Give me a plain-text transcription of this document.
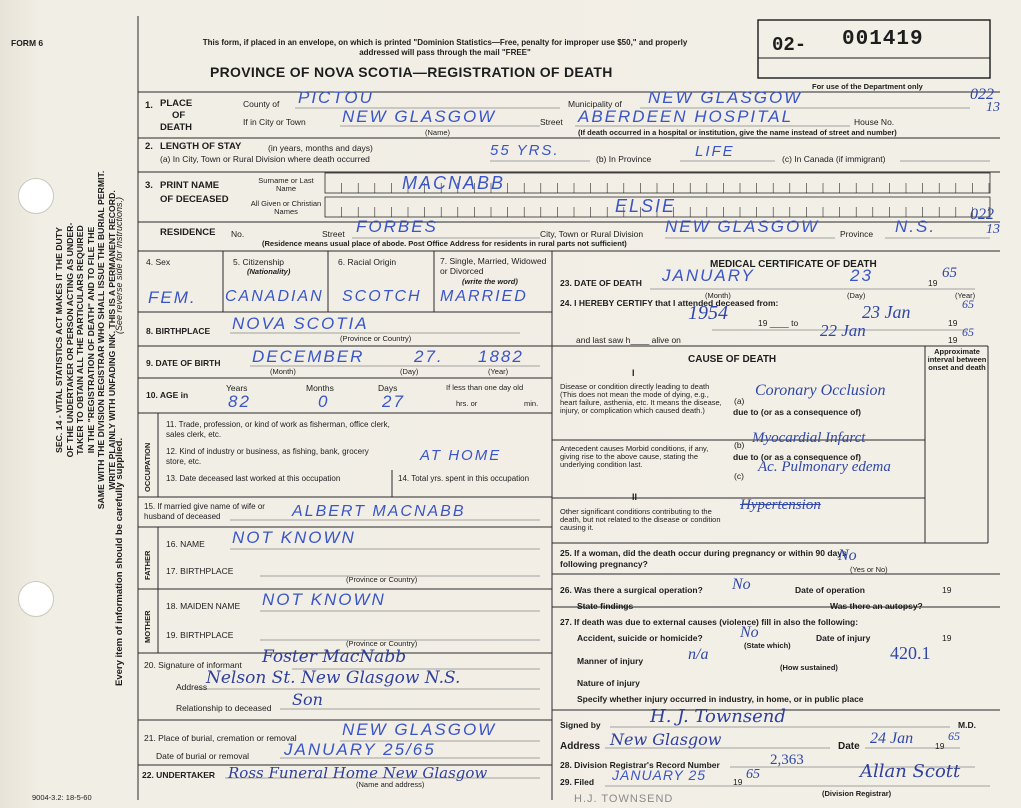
FORM 6
SEC. 14 - VITAL STATISTICS ACT MAKES IT THE DUTY OF THE UNDERTAKER OR PERSON ACTING AS UNDER- TAKER TO OBTAIN ALL THE PARTICULARS REQUIRED IN THE "REGISTRATION OF DEATH" AND TO FILE THE SAME WITH THE DIVISION REGISTRAR WHO SHALL ISSUE THE BURIAL PERMIT. WRITE PLAINLY WITH UNFADING INK. THIS IS A PERMANENT RECORD.
Every item of information should be carefully supplied.
(See reverse side for instructions.)
This form, if placed in an envelope, on which is printed "Dominion Statistics—Free, penalty for improper use $50," and properly addressed will pass through the mail "FREE"	02- 001419
For use of the Department only
PROVINCE OF NOVA SCOTIA—REGISTRATION OF DEATH
1. PLACE
OF
DEATH
County of PICTOU	Municipality of NEW GLASGOW
If in City or Town NEW GLASGOW	Street ABERDEEN HOSPITAL	House No.
(Name)	(If death occurred in a hospital or institution, give the name instead of street and number)
022
13
2. LENGTH OF STAY	(in years, months and days)
(a) In City, Town or Rural Division where death occurred	55 YRS.	(b) In Province	LIFE	(c) In Canada (if immigrant)
3. PRINT NAME
OF DECEASED
Surname or Last Name	MACNABB
All Given or Christian Names	ELSIE
RESIDENCE No.	Street FORBES	City, Town or Rural Division NEW GLASGOW Province N.S.
(Residence means usual place of abode. Post Office Address for residents in rural parts not sufficient)
022
13
4. Sex	5. Citizenship
(Nationality)
6. Racial Origin	7. Single, Married, Widowed or Divorced
(write the word)
FEM. CANADIAN SCOTCH MARRIED
8. BIRTHPLACE NOVA SCOTIA
(Province or Country)
9. DATE OF BIRTH DECEMBER	27. 1882
(Month)	(Day)	(Year)
10. AGE in
Years	Months	Days
82	0	27
If less than one day old
hrs. or	min.
OCCUPATION
11. Trade, profession, or kind of work as fisherman, office clerk, sales clerk, etc.
12. Kind of industry or business, as fishing, bank, grocery store, etc.	AT HOME
13. Date deceased last worked at this occupation	14. Total yrs. spent in this occupation
15. If married give name of wife or husband of deceased	ALBERT MACNABB
FATHER
MOTHER
16. NAME NOT KNOWN
17. BIRTHPLACE
(Province or Country)
18. MAIDEN NAME NOT KNOWN
19. BIRTHPLACE
(Province or Country)
20. Signature of informant Foster MacNabb
Address
Nelson St. New Glasgow N.S.
Relationship to deceased Son
21. Place of burial, cremation or removal	NEW GLASGOW
Date of burial or removal JANUARY 25/65
22. UNDERTAKER Ross Funeral Home New Glasgow
(Name and address)
9004-3.2: 18-5-60
MEDICAL CERTIFICATE OF DEATH
23. DATE OF DEATH JANUARY	23	19
65
(Month)	(Day)	(Year)
24. I HEREBY CERTIFY that I attended deceased from:
1954	19 ____ to
23 Jan
19
65
and last saw h____ alive on	22 Jan	19
65
CAUSE OF DEATH
I
II
Approximate interval between onset and death
Disease or condition directly leading to death (This does not mean the mode of dying, e.g., heart failure, asthenia, etc. It means the disease, injury, or complication which caused death.)
Antecedent causes Morbid conditions, if any, giving rise to the above cause, stating the underlying condition last.
Other significant conditions contributing to the death, but not related to the disease or condition causing it.
(a)
Coronary Occlusion
due to (or as a consequence of)
(b) Myocardial Infarct
due to (or as a consequence of)
(c)
Ac. Pulmonary edema
Hypertension
25. If a woman, did the death occur during pregnancy or within 90 days following pregnancy?	No
(Yes or No)
26. Was there a surgical operation? No	Date of operation	19
State findings	Was there an autopsy?
27. If death was due to external causes (violence) fill in also the following:
Accident, suicide or homicide? No
(State which)
Date of injury	19
Manner of injury	n/a
(How sustained)
420.1
Nature of injury
Specify whether injury occurred in industry, in home, or in public place
Signed by	H. J. Townsend	M.D.
Address New Glasgow	Date 24 Jan	19
65
28. Division Registrar's Record Number	2,363
29. Filed JANUARY 25	19 65	Allan Scott
(Division Registrar)
H.J. TOWNSEND
